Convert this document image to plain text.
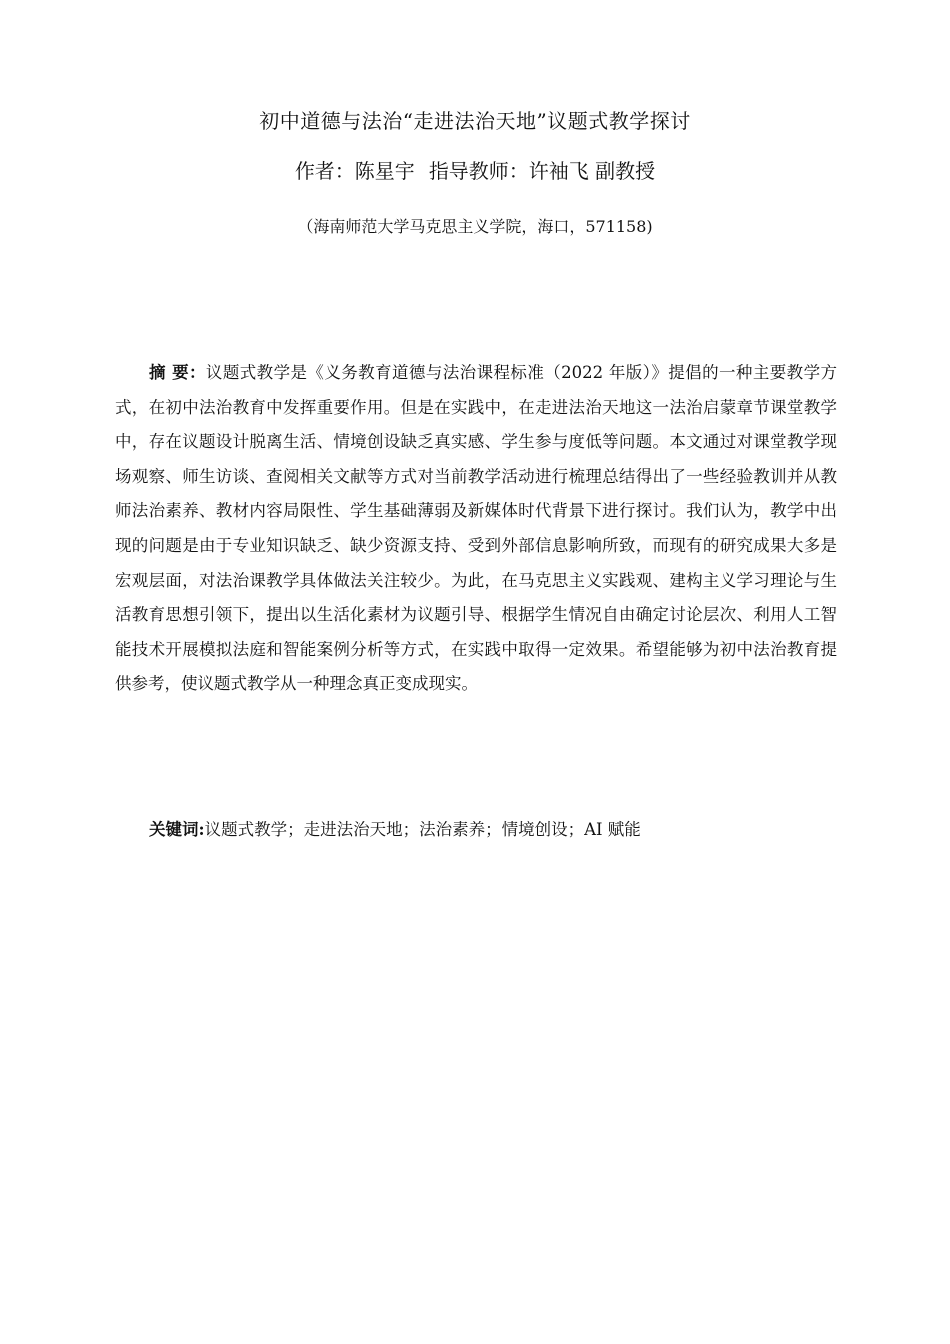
初中道德与法治“走进法治天地”议题式教学探讨
作者：陈星宇 指导教师：许袖飞 副教授
（海南师范大学马克思主义学院，海口，571158)

摘 要：议题式教学是《义务教育道德与法治课程标准（2022 年版）》提倡的一种主要教学方式，在初中法治教育中发挥重要作用。但是在实践中，在走进法治天地这一法治启蒙章节课堂教学中，存在议题设计脱离生活、情境创设缺乏真实感、学生参与度低等问题。本文通过对课堂教学现场观察、师生访谈、查阅相关文献等方式对当前教学活动进行梳理总结得出了一些经验教训并从教师法治素养、教材内容局限性、学生基础薄弱及新媒体时代背景下进行探讨。我们认为，教学中出现的问题是由于专业知识缺乏、缺少资源支持、受到外部信息影响所致，而现有的研究成果大多是宏观层面，对法治课教学具体做法关注较少。为此，在马克思主义实践观、建构主义学习理论与生活教育思想引领下，提出以生活化素材为议题引导、根据学生情况自由确定讨论层次、利用人工智能技术开展模拟法庭和智能案例分析等方式，在实践中取得一定效果。希望能够为初中法治教育提供参考，使议题式教学从一种理念真正变成现实。

关键词:议题式教学；走进法治天地；法治素养；情境创设；AI 赋能
